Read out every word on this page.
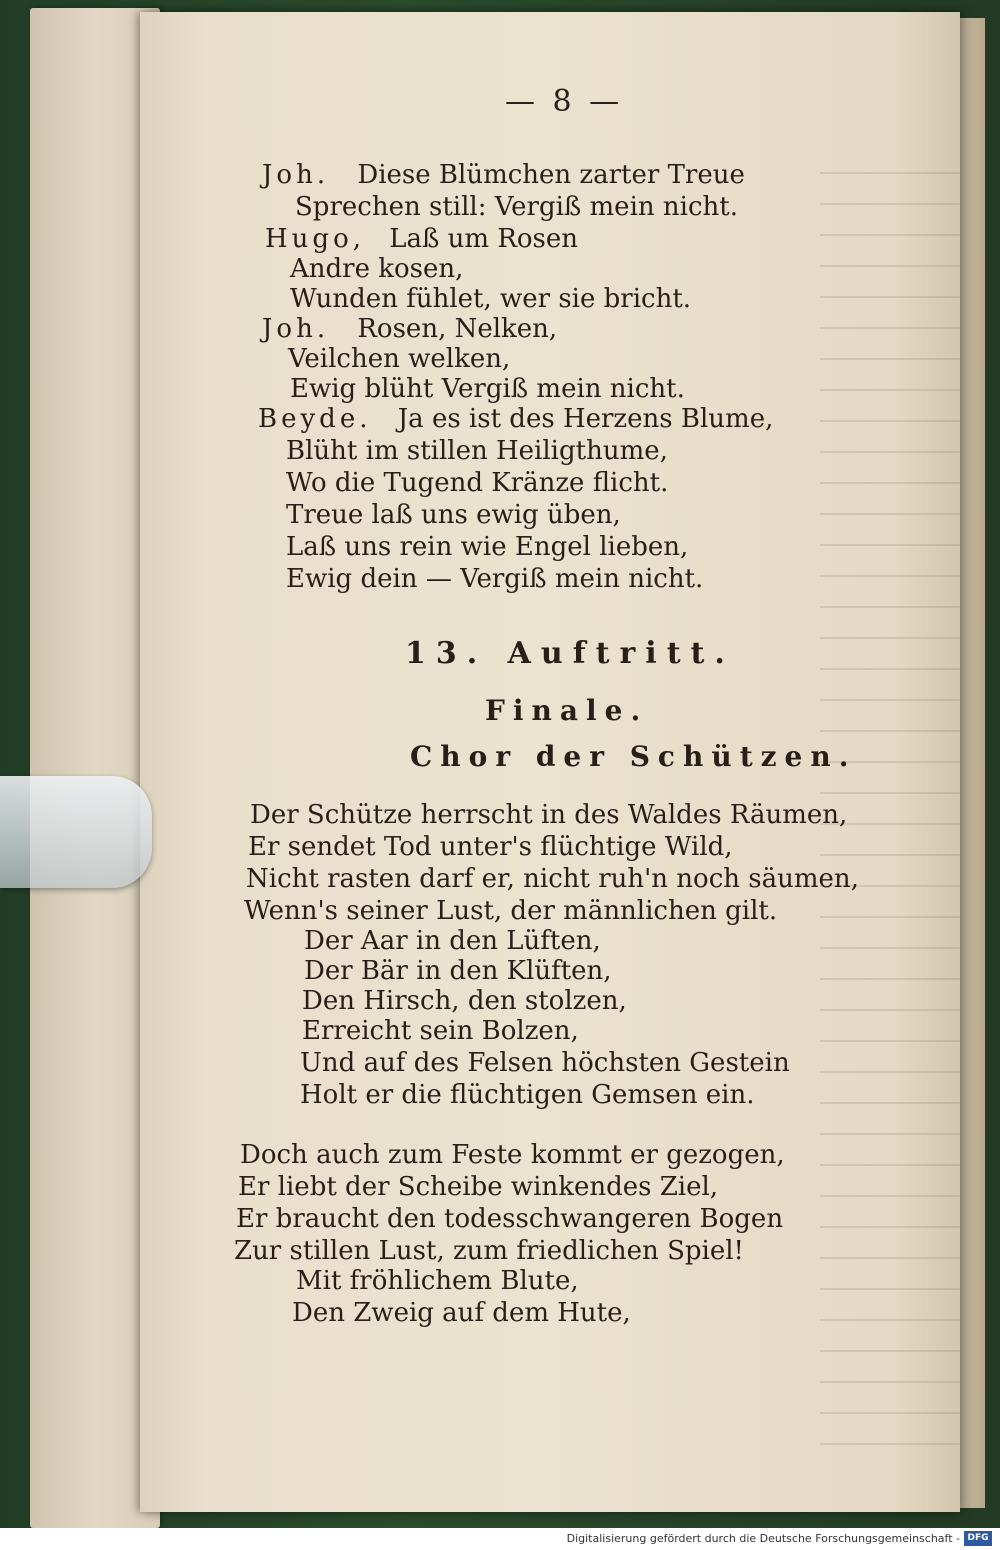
— 8 —
Joh. Diese Blümchen zarter Treue
Sprechen still: Vergiß mein nicht.
Hugo, Laß um Rosen
Andre kosen,
Wunden fühlet, wer sie bricht.
Joh. Rosen, Nelken,
Veilchen welken,
Ewig blüht Vergiß mein nicht.
Beyde. Ja es ist des Herzens Blume,
Blüht im stillen Heiligthume,
Wo die Tugend Kränze flicht.
Treue laß uns ewig üben,
Laß uns rein wie Engel lieben,
Ewig dein — Vergiß mein nicht.
13. Auftritt.
Finale.
Chor der Schützen.
Der Schütze herrscht in des Waldes Räumen,
Er sendet Tod unter's flüchtige Wild,
Nicht rasten darf er, nicht ruh'n noch säumen,
Wenn's seiner Lust, der männlichen gilt.
Der Aar in den Lüften,
Der Bär in den Klüften,
Den Hirsch, den stolzen,
Erreicht sein Bolzen,
Und auf des Felsen höchsten Gestein
Holt er die flüchtigen Gemsen ein.
Doch auch zum Feste kommt er gezogen,
Er liebt der Scheibe winkendes Ziel,
Er braucht den todesschwangeren Bogen
Zur stillen Lust, zum friedlichen Spiel!
Mit fröhlichem Blute,
Den Zweig auf dem Hute,
Digitalisierung gefördert durch die Deutsche Forschungsgemeinschaft - DFG
